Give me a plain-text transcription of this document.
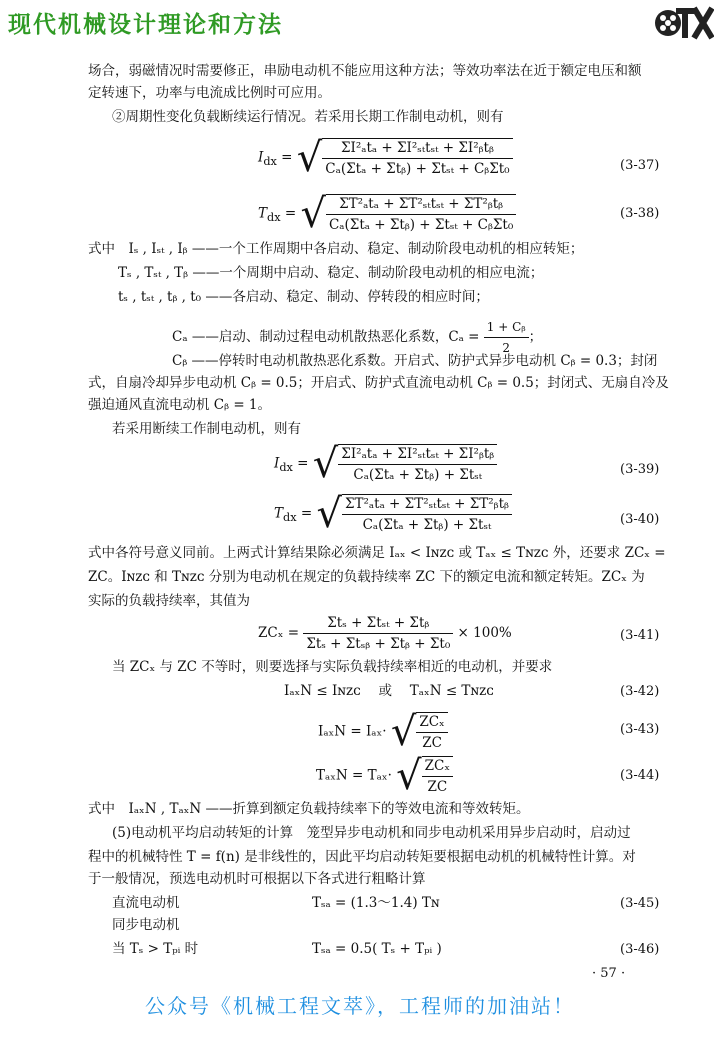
现代机械设计理论和方法
场合，弱磁情况时需要修正，串励电动机不能应用这种方法；等效功率法在近于额定电压和额
定转速下，功率与电流成比例时可应用。
②周期性变化负载断续运行情况。若采用长期工作制电动机，则有
$I_{dx}$ = √ $\frac{\text{ΣI²ₐtₐ + ΣI²ₛₜtₛₜ + ΣI²ᵦtᵦ}}{\text{Cₐ(Σtₐ + Σtᵦ) + Σtₛₜ + CᵦΣt₀}}$	(3-37)
$T_{dx}$ = √ $\frac{\text{ΣT²ₐtₐ + ΣT²ₛₜtₛₜ + ΣT²ᵦtᵦ}}{\text{Cₐ(Σtₐ + Σtᵦ) + Σtₛₜ + CᵦΣt₀}}$	(3-38)
式中　Iₛ , Iₛₜ , Iᵦ ——一个工作周期中各启动、稳定、制动阶段电动机的相应转矩；
Tₛ , Tₛₜ , Tᵦ ——一个周期中启动、稳定、制动阶段电动机的相应电流；
tₛ , tₛₜ , tᵦ , t₀ ——各启动、稳定、制动、停转段的相应时间；
Cₐ ——启动、制动过程电动机散热恶化系数，$C_a = \frac{\text{1 + Cᵦ}}{2}$ ；
Cᵦ ——停转时电动机散热恶化系数。开启式、防护式异步电动机 Cᵦ = 0.3；封闭
式，自扇冷却异步电动机 Cᵦ = 0.5；开启式、防护式直流电动机 Cᵦ = 0.5；封闭式、无扇自冷及
强迫通风直流电动机 Cᵦ = 1。
若采用断续工作制电动机，则有
$I_{dx}$ = √ $\frac{\text{ΣI²ₐtₐ + ΣI²ₛₜtₛₜ + ΣI²ᵦtᵦ}}{\text{Cₐ(Σtₐ + Σtᵦ) + Σtₛₜ}}$	(3-39)
$T_{dx}$ = √ $\frac{\text{ΣT²ₐtₐ + ΣT²ₛₜtₛₜ + ΣT²ᵦtᵦ}}{\text{Cₐ(Σtₐ + Σtᵦ) + Σtₛₜ}}$	(3-40)
式中各符号意义同前。上两式计算结果除必须满足 Iₐₓ < Iɴᴢᴄ 或 Tₐₓ ≤ Tɴᴢᴄ 外，还要求 ZCₓ =
ZC。Iɴᴢᴄ 和 Tɴᴢᴄ 分别为电动机在规定的负载持续率 ZC 下的额定电流和额定转矩。ZCₓ 为
实际的负载持续率，其值为
$ZC_x = \frac{\text{Σtₛ + Σtₛₜ + Σtᵦ}}{\text{Σtₛ + Σtₛᵦ + Σtᵦ + Σt₀}} \times 100\%$	(3-41)
当 ZCₓ 与 ZC 不等时，则要选择与实际负载持续率相近的电动机，并要求
IₐₓN ≤ Iɴᴢᴄ　 或　 TₐₓN ≤ Tɴᴢᴄ	(3-42)
IₐₓN = Iₐₓ· √ $\frac{\text{ZCₓ}}{ZC}$	(3-43)
TₐₓN = Tₐₓ· √ $\frac{\text{ZCₓ}}{ZC}$	(3-44)
式中　IₐₓN , TₐₓN ——折算到额定负载持续率下的等效电流和等效转矩。
(5)电动机平均启动转矩的计算　笼型异步电动机和同步电动机采用异步启动时，启动过
程中的机械特性 T = f(n) 是非线性的，因此平均启动转矩要根据电动机的机械特性计算。对
于一般情况，预选电动机时可根据以下各式进行粗略计算
直流电动机	Tₛₐ = (1.3～1.4) Tɴ	(3-45)
同步电动机
当 Tₛ > Tₚᵢ 时	Tₛₐ = 0.5( Tₛ + Tₚᵢ )	(3-46)
· 57 ·
公众号《机械工程文萃》，工程师的加油站！
